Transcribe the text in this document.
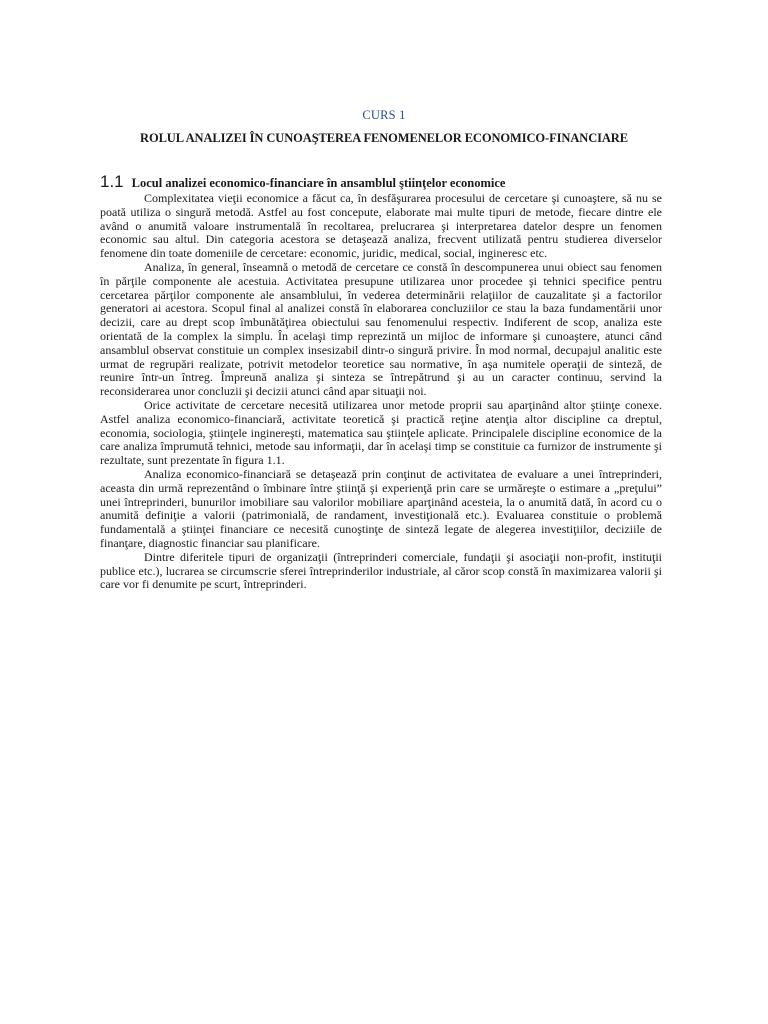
CURS 1
ROLUL ANALIZEI ÎN CUNOAŞTEREA FENOMENELOR ECONOMICO-FINANCIARE
1.1 Locul analizei economico-financiare în ansamblul ştiinţelor economice

Complexitatea vieţii economice a făcut ca, în desfăşurarea procesului de cercetare şi cunoaştere, să nu se poată utiliza o singură metodă. Astfel au fost concepute, elaborate mai multe tipuri de metode, fiecare dintre ele având o anumită valoare instrumentală în recoltarea, prelucrarea şi interpretarea datelor despre un fenomen economic sau altul. Din categoria acestora se detaşează analiza, frecvent utilizată pentru studierea diverselor fenomene din toate domeniile de cercetare: economic, juridic, medical, social, ingineresc etc.

Analiza, în general, înseamnă o metodă de cercetare ce constă în descompunerea unui obiect sau fenomen în părţile componente ale acestuia. Activitatea presupune utilizarea unor procedee şi tehnici specifice pentru cercetarea părţilor componente ale ansamblului, în vederea determinării relaţiilor de cauzalitate şi a factorilor generatori ai acestora. Scopul final al analizei constă în elaborarea concluziilor ce stau la baza fundamentării unor decizii, care au drept scop îmbunătăţirea obiectului sau fenomenului respectiv. Indiferent de scop, analiza este orientată de la complex la simplu. În acelaşi timp reprezintă un mijloc de informare şi cunoaştere, atunci când ansamblul observat constituie un complex insesizabil dintr-o singură privire. În mod normal, decupajul analitic este urmat de regrupări realizate, potrivit metodelor teoretice sau normative, în aşa numitele operaţii de sinteză, de reunire într-un întreg. Împreună analiza şi sinteza se întrepătrund şi au un caracter continuu, servind la reconsiderarea unor concluzii şi decizii atunci când apar situaţii noi.

Orice activitate de cercetare necesită utilizarea unor metode proprii sau aparţinând altor ştiinţe conexe. Astfel analiza economico-financiară, activitate teoretică şi practică reţine atenţia altor discipline ca dreptul, economia, sociologia, ştiinţele inginereşti, matematica sau ştiinţele aplicate. Principalele discipline economice de la care analiza împrumută tehnici, metode sau informaţii, dar în acelaşi timp se constituie ca furnizor de instrumente şi rezultate, sunt prezentate în figura 1.1.

Analiza economico-financiară se detaşează prin conţinut de activitatea de evaluare a unei întreprinderi, aceasta din urmă reprezentând o îmbinare între ştiinţă şi experienţă prin care se urmăreşte o estimare a „preţului” unei întreprinderi, bunurilor imobiliare sau valorilor mobiliare aparţinând acesteia, la o anumită dată, în acord cu o anumită definiţie a valorii (patrimonială, de randament, investiţională etc.). Evaluarea constituie o problemă fundamentală a ştiinţei financiare ce necesită cunoştinţe de sinteză legate de alegerea investiţiilor, deciziile de finanţare, diagnostic financiar sau planificare.

Dintre diferitele tipuri de organizaţii (întreprinderi comerciale, fundaţii şi asociaţii non-profit, instituţii publice etc.), lucrarea se circumscrie sferei întreprinderilor industriale, al căror scop constă în maximizarea valorii şi care vor fi denumite pe scurt, întreprinderi.
